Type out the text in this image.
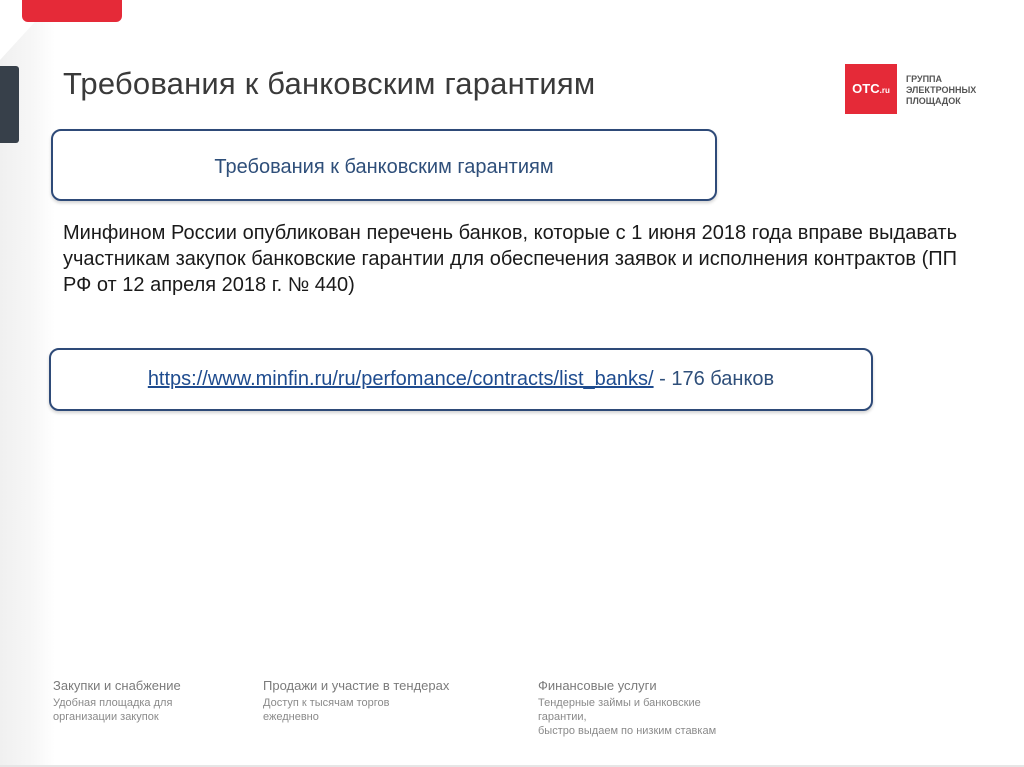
Требования к банковским гарантиям	ОТС.ru
ГРУППА
ЭЛЕКТРОННЫХ
ПЛОЩАДОК
Требования к банковским гарантиям
Минфином России опубликован перечень банков, которые с 1 июня 2018 года вправе выдавать участникам закупок банковские гарантии для обеспечения заявок и исполнения контрактов (ПП РФ от 12 апреля 2018 г. № 440)
https://www.minfin.ru/ru/perfomance/contracts/list_banks/ - 176 банков
Закупки и снабжение
Удобная площадка для
организации закупок
Продажи и участие в тендерах
Доступ к тысячам торгов
ежедневно
Финансовые услуги
Тендерные займы и банковские
гарантии,
быстро выдаем по низким ставкам
